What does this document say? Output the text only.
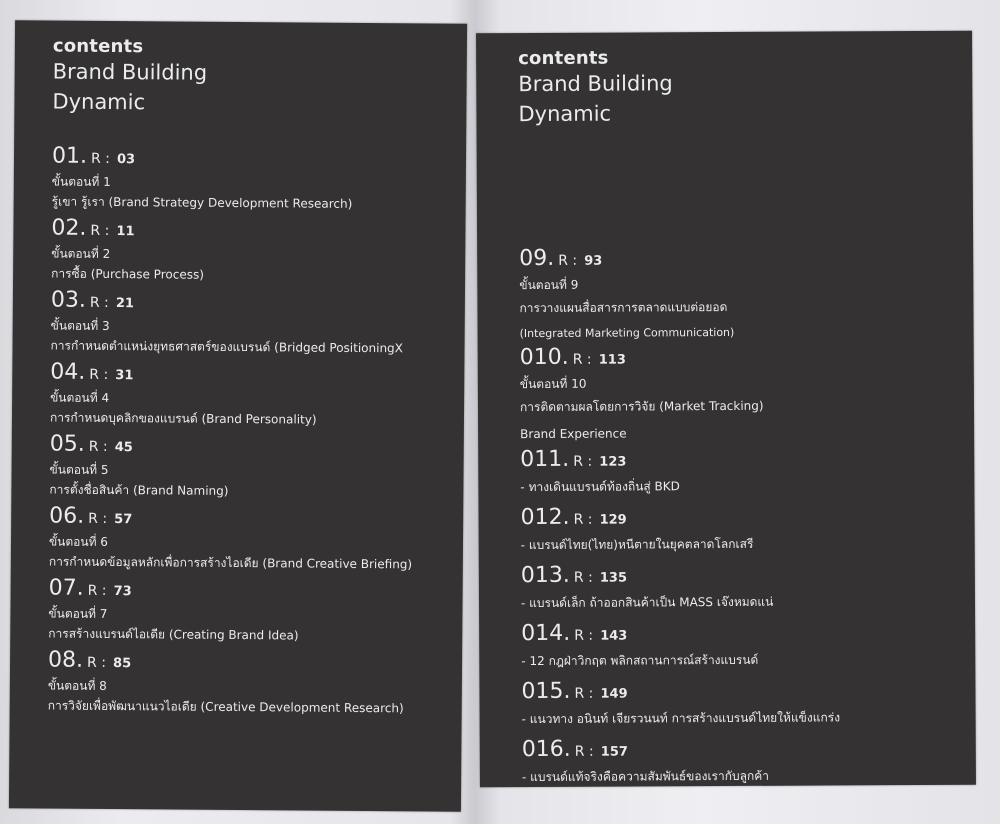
contents
Brand Building
Dynamic
01. R : 03
ขั้นตอนที่ 1
รู้เขา รู้เรา (Brand Strategy Development Research)
02. R : 11
ขั้นตอนที่ 2
การซื้อ (Purchase Process)
03. R : 21
ขั้นตอนที่ 3
การกำหนดตำแหน่งยุทธศาสตร์ของแบรนด์ (Bridged PositioningX
04. R : 31
ขั้นตอนที่ 4
การกำหนดบุคลิกของแบรนด์ (Brand Personality)
05. R : 45
ขั้นตอนที่ 5
การตั้งชื่อสินค้า (Brand Naming)
06. R : 57
ขั้นตอนที่ 6
การกำหนดข้อมูลหลักเพื่อการสร้างไอเดีย (Brand Creative Briefing)
07. R : 73
ขั้นตอนที่ 7
การสร้างแบรนด์ไอเดีย (Creating Brand Idea)
08. R : 85
ขั้นตอนที่ 8
การวิจัยเพื่อพัฒนาแนวไอเดีย (Creative Development Research)
contents
Brand Building
Dynamic
09. R : 93
ขั้นตอนที่ 9
การวางแผนสื่อสารการตลาดแบบต่อยอด
(Integrated Marketing Communication)
010. R : 113
ขั้นตอนที่ 10
การติดตามผลโดยการวิจัย (Market Tracking)
Brand Experience
011. R : 123
- ทางเดินแบรนด์ท้องถิ่นสู่ BKD
012. R : 129
- แบรนด์ไทย(ไทย)หนีตายในยุคตลาดโลกเสรี
013. R : 135
- แบรนด์เล็ก ถ้าออกสินค้าเป็น MASS เจ๊งหมดแน่
014. R : 143
- 12 กฎฝ่าวิกฤต พลิกสถานการณ์สร้างแบรนด์
015. R : 149
- แนวทาง อนินท์ เจียรวนนท์ การสร้างแบรนด์ไทยให้แข็งแกร่ง
016. R : 157
- แบรนด์แท้จริงคือความสัมพันธ์ของเรากับลูกค้า
